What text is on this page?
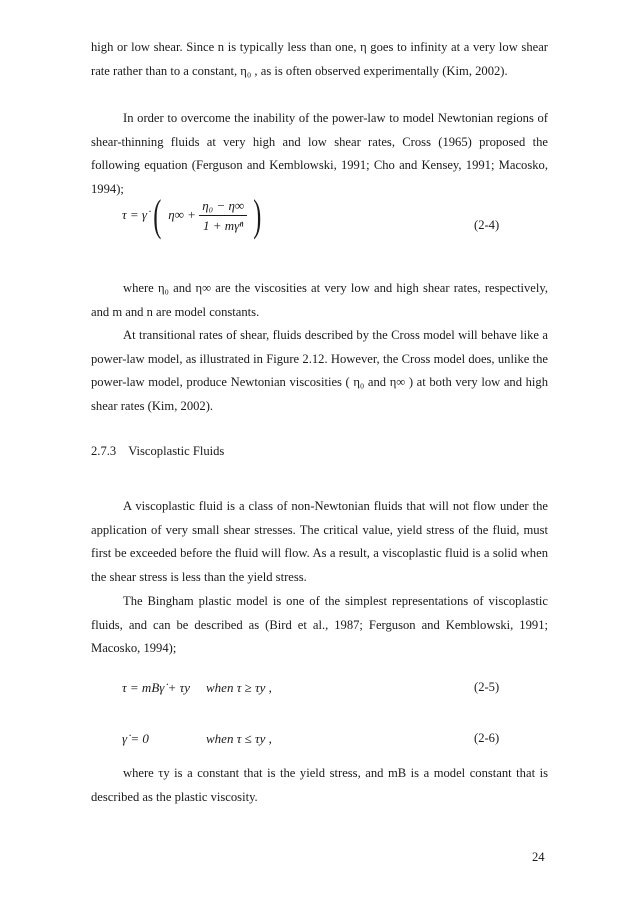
high or low shear. Since n is typically less than one, η goes to infinity at a very low shear rate rather than to a constant, η₀ , as is often observed experimentally (Kim, 2002).

In order to overcome the inability of the power-law to model Newtonian regions of shear-thinning fluids at very high and low shear rates, Cross (1965) proposed the following equation (Ferguson and Kemblowski, 1991; Cho and Kensey, 1991; Macosko, 1994);

τ = γ̇ ( $\eta\infty + \frac{\text{η₀ − η∞}}{\text{1 + mγ̇ⁿ}}$ )	(2-4)

where η₀ and η∞ are the viscosities at very low and high shear rates, respectively, and m and n are model constants.

At transitional rates of shear, fluids described by the Cross model will behave like a power-law model, as illustrated in Figure 2.12. However, the Cross model does, unlike the power-law model, produce Newtonian viscosities ( η₀ and η∞ ) at both very low and high shear rates (Kim, 2002).

2.7.3 Viscoplastic Fluids

A viscoplastic fluid is a class of non-Newtonian fluids that will not flow under the application of very small shear stresses. The critical value, yield stress of the fluid, must first be exceeded before the fluid will flow. As a result, a viscoplastic fluid is a solid when the shear stress is less than the yield stress.

The Bingham plastic model is one of the simplest representations of viscoplastic fluids, and can be described as (Bird et al., 1987; Ferguson and Kemblowski, 1991; Macosko, 1994);

τ = mBγ̇ + τy when τ ≥ τy ,	(2-5)
γ̇ = 0	when τ ≤ τy ,	(2-6)

where τy is a constant that is the yield stress, and mB is a model constant that is described as the plastic viscosity.

24
